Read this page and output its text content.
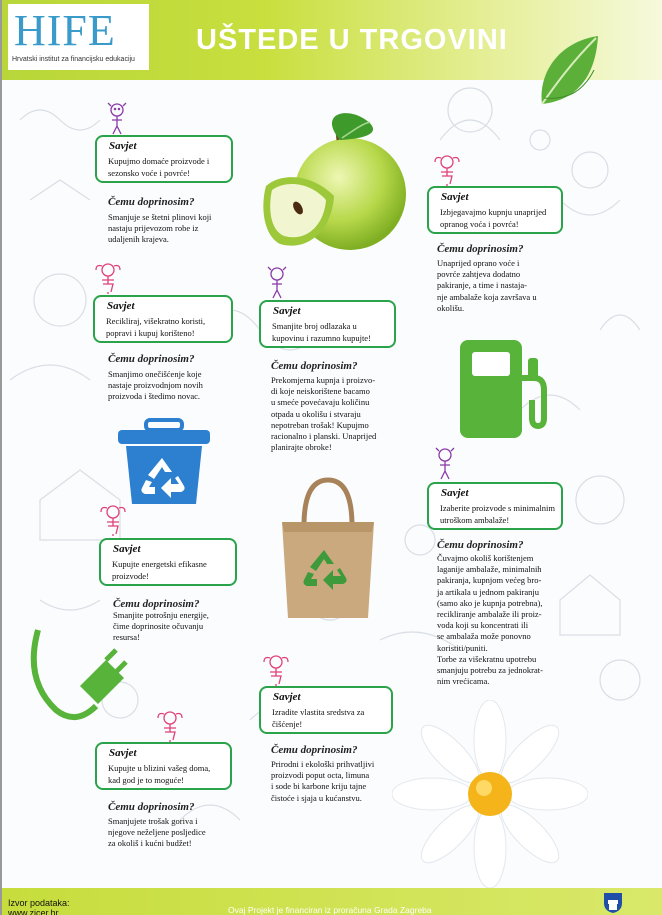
HIFE
Hrvatski institut za financijsku edukaciju
UŠTEDE U TRGOVINI
Savjet
Kupujmo domaće proizvode i sezonsko voće i povrće!
Čemu doprinosim?
Smanjuje se štetni plinovi koji
nastaju prijevozom robe iz
udaljenih krajeva.
Savjet
Izbjegavajmo kupnju unaprijed opranog voća i povrća!
Čemu doprinosim?
Unaprijed oprano voće i
povrće zahtjeva dodatno
pakiranje, a time i nastaja-
nje ambalaže koja završava u
okolišu.
Savjet
Recikliraj, višekratno koristi, popravi i kupuj korišteno!
Čemu doprinosim?
Smanjimo onečišćenje koje
nastaje proizvodnjom novih
proizvoda i štedimo novac.
Savjet
Smanjite broj odlazaka u kupovinu i razumno kupujte!
Čemu doprinosim?
Prekomjerna kupnja i proizvo-
di koje neiskorištene bacamo
u smeće povećavaju količinu
otpada u okolišu i stvaraju
nepotreban trošak! Kupujmo
racionalno i planski. Unaprijed
planirajte obroke!
Savjet
Izaberite proizvode s minimalnim utroškom ambalaže!
Čemu doprinosim?
Čuvajmo okoliš korištenjem
laganije ambalaže, minimalnih
pakiranja, kupnjom većeg bro-
ja artikala u jednom pakiranju
(samo ako je kupnja potrebna),
recikliranje ambalaže ili proiz-
voda koji su koncentrati ili
se ambalaža može ponovno
koristiti/puniti.
Torbe za višekratnu upotrebu
smanjuju potrebu za jednokrat-
nim vrećicama.
Savjet
Kupujte energetski efikasne proizvode!
Čemu doprinosim?
Smanjite potrošnju energije,
čime doprinosite očuvanju
resursa!
Savjet
Izradite vlastita sredstva za čišćenje!
Čemu doprinosim?
Prirodni i ekološki prihvatljivi
proizvodi poput octa, limuna
i sode bi karbone kriju tajne
čistoće i sjaja u kućanstvu.
Savjet
Kupujte u blizini vašeg doma, kad god je to moguće!
Čemu doprinosim?
Smanjujete trošak goriva i
njegove neželjene posljedice
za okoliš i kućni budžet!
Izvor podataka:
www.zicer.hr	Ovaj Projekt je financiran iz proračuna Grada Zagreba
